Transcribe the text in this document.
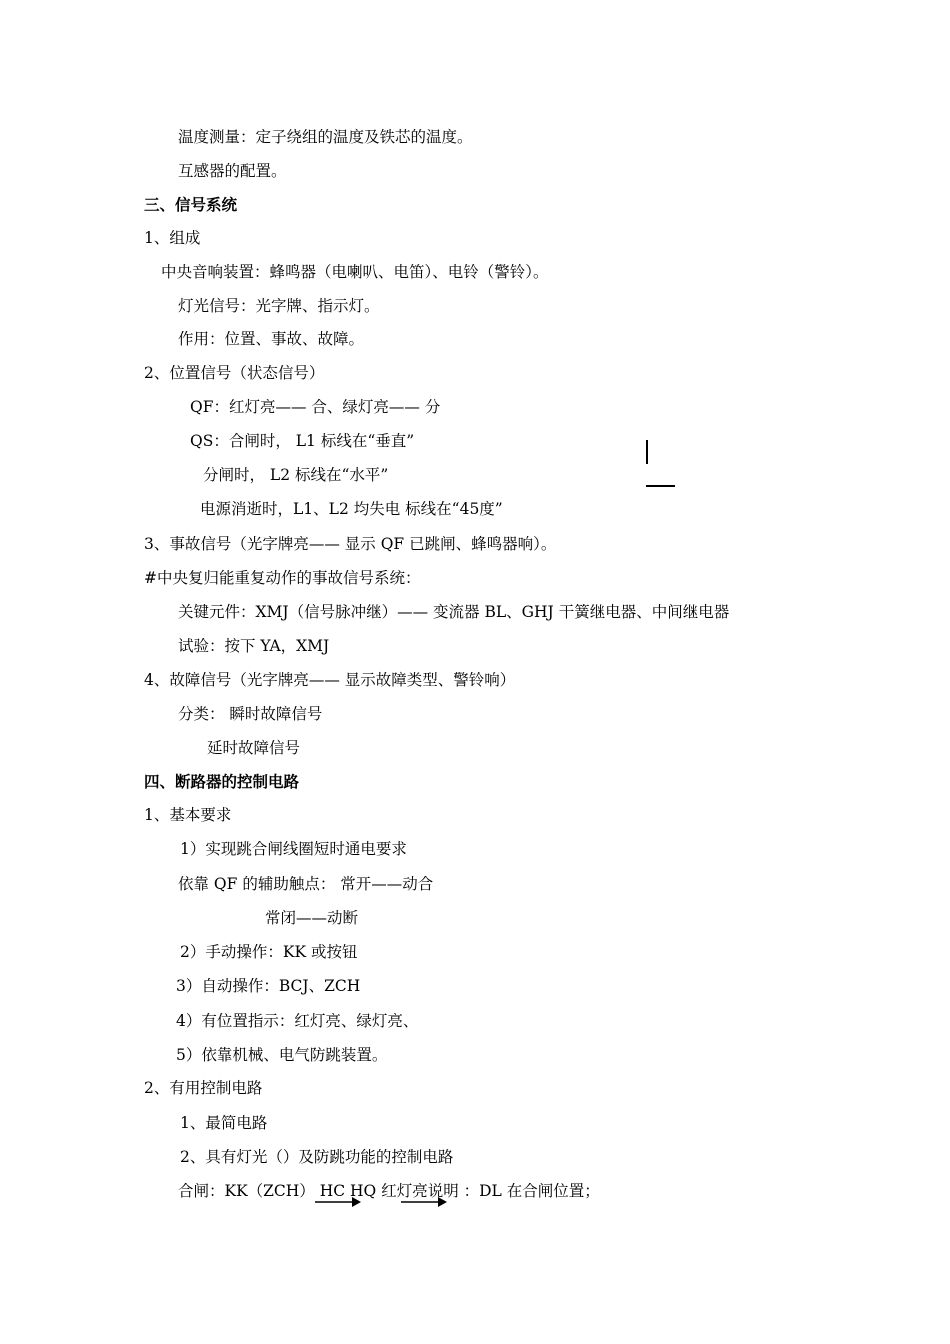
温度测量：定子绕组的温度及铁芯的温度。
互感器的配置。
三、信号系统
1、组成
中央音响装置：蜂鸣器（电喇叭、电笛）、电铃（警铃）。
灯光信号：光字牌、指示灯。
作用：位置、事故、故障。
2、位置信号（状态信号）
QF：红灯亮—— 合、绿灯亮—— 分
QS：合闸时， L1 标线在“垂直”
分闸时， L2 标线在“水平”
电源消逝时，L1、L2 均失电 标线在“45度”
3、事故信号（光字牌亮—— 显示 QF 已跳闸、蜂鸣器响）。
#中央复归能重复动作的事故信号系统：
关键元件：XMJ（信号脉冲继）—— 变流器 BL、GHJ 干簧继电器、中间继电器
试验：按下 YA，XMJ
4、故障信号（光字牌亮—— 显示故障类型、警铃响）
分类： 瞬时故障信号
延时故障信号
四、断路器的控制电路
1、基本要求
1）实现跳合闸线圈短时通电要求
依靠 QF 的辅助触点： 常开——动合
常闭——动断
2）手动操作：KK 或按钮
3）自动操作：BCJ、ZCH
4）有位置指示：红灯亮、绿灯亮、
5）依靠机械、电气防跳装置。
2、有用控制电路
1、最简电路
2、具有灯光（）及防跳功能的控制电路
合闸：KK（ZCH） HC HQ 红灯亮说明 ：DL 在合闸位置；
